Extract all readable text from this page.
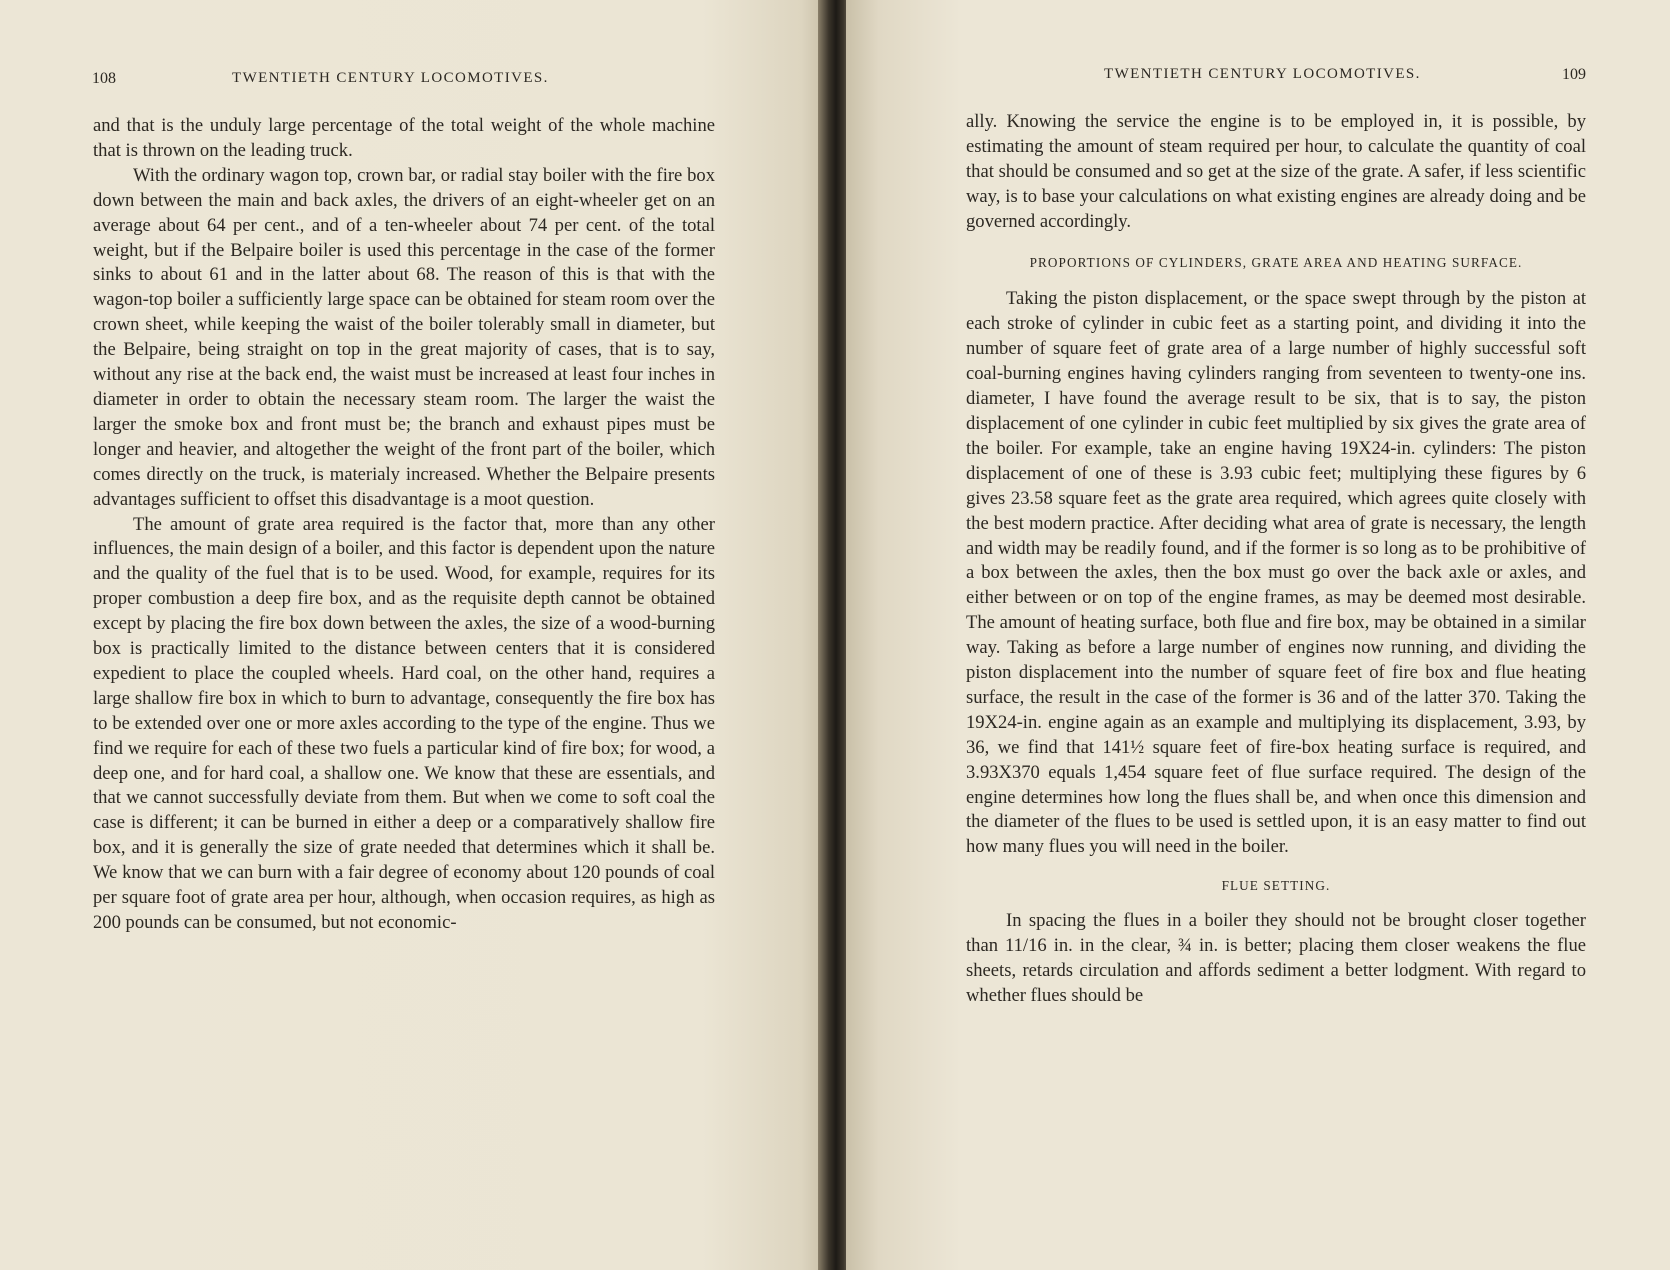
108	TWENTIETH CENTURY LOCOMOTIVES.

and that is the unduly large percentage of the total weight of the whole machine that is thrown on the leading truck.

With the ordinary wagon top, crown bar, or radial stay boiler with the fire box down between the main and back axles, the drivers of an eight-wheeler get on an average about 64 per cent., and of a ten-wheeler about 74 per cent. of the total weight, but if the Belpaire boiler is used this percentage in the case of the former sinks to about 61 and in the latter about 68. The reason of this is that with the wagon-top boiler a sufficiently large space can be obtained for steam room over the crown sheet, while keeping the waist of the boiler tolerably small in diameter, but the Belpaire, being straight on top in the great majority of cases, that is to say, without any rise at the back end, the waist must be increased at least four inches in diameter in order to obtain the necessary steam room. The larger the waist the larger the smoke box and front must be; the branch and exhaust pipes must be longer and heavier, and altogether the weight of the front part of the boiler, which comes directly on the truck, is materialy increased. Whether the Belpaire presents advantages sufficient to offset this disadvantage is a moot question.

The amount of grate area required is the factor that, more than any other influences, the main design of a boiler, and this factor is dependent upon the nature and the quality of the fuel that is to be used. Wood, for example, requires for its proper combustion a deep fire box, and as the requisite depth cannot be obtained except by placing the fire box down between the axles, the size of a wood-burning box is practically limited to the distance between centers that it is considered expedient to place the coupled wheels. Hard coal, on the other hand, requires a large shallow fire box in which to burn to advantage, consequently the fire box has to be extended over one or more axles according to the type of the engine. Thus we find we require for each of these two fuels a particular kind of fire box; for wood, a deep one, and for hard coal, a shallow one. We know that these are essentials, and that we cannot successfully deviate from them. But when we come to soft coal the case is different; it can be burned in either a deep or a comparatively shallow fire box, and it is generally the size of grate needed that determines which it shall be. We know that we can burn with a fair degree of economy about 120 pounds of coal per square foot of grate area per hour, although, when occasion requires, as high as 200 pounds can be consumed, but not economic-

TWENTIETH CENTURY LOCOMOTIVES.	109

ally. Knowing the service the engine is to be employed in, it is possible, by estimating the amount of steam required per hour, to calculate the quantity of coal that should be consumed and so get at the size of the grate. A safer, if less scientific way, is to base your calculations on what existing engines are already doing and be governed accordingly.

PROPORTIONS OF CYLINDERS, GRATE AREA AND HEATING SURFACE.

Taking the piston displacement, or the space swept through by the piston at each stroke of cylinder in cubic feet as a starting point, and dividing it into the number of square feet of grate area of a large number of highly successful soft coal-burning engines having cylinders ranging from seventeen to twenty-one ins. diameter, I have found the average result to be six, that is to say, the piston displacement of one cylinder in cubic feet multiplied by six gives the grate area of the boiler. For example, take an engine having 19X24-in. cylinders: The piston displacement of one of these is 3.93 cubic feet; multiplying these figures by 6 gives 23.58 square feet as the grate area required, which agrees quite closely with the best modern practice. After deciding what area of grate is necessary, the length and width may be readily found, and if the former is so long as to be prohibitive of a box between the axles, then the box must go over the back axle or axles, and either between or on top of the engine frames, as may be deemed most desirable. The amount of heating surface, both flue and fire box, may be obtained in a similar way. Taking as before a large number of engines now running, and dividing the piston displacement into the number of square feet of fire box and flue heating surface, the result in the case of the former is 36 and of the latter 370. Taking the 19X24-in. engine again as an example and multiplying its displacement, 3.93, by 36, we find that 141½ square feet of fire-box heating surface is required, and 3.93X370 equals 1,454 square feet of flue surface required. The design of the engine determines how long the flues shall be, and when once this dimension and the diameter of the flues to be used is settled upon, it is an easy matter to find out how many flues you will need in the boiler.

FLUE SETTING.

In spacing the flues in a boiler they should not be brought closer together than 11/16 in. in the clear, ¾ in. is better; placing them closer weakens the flue sheets, retards circulation and affords sediment a better lodgment. With regard to whether flues should be
